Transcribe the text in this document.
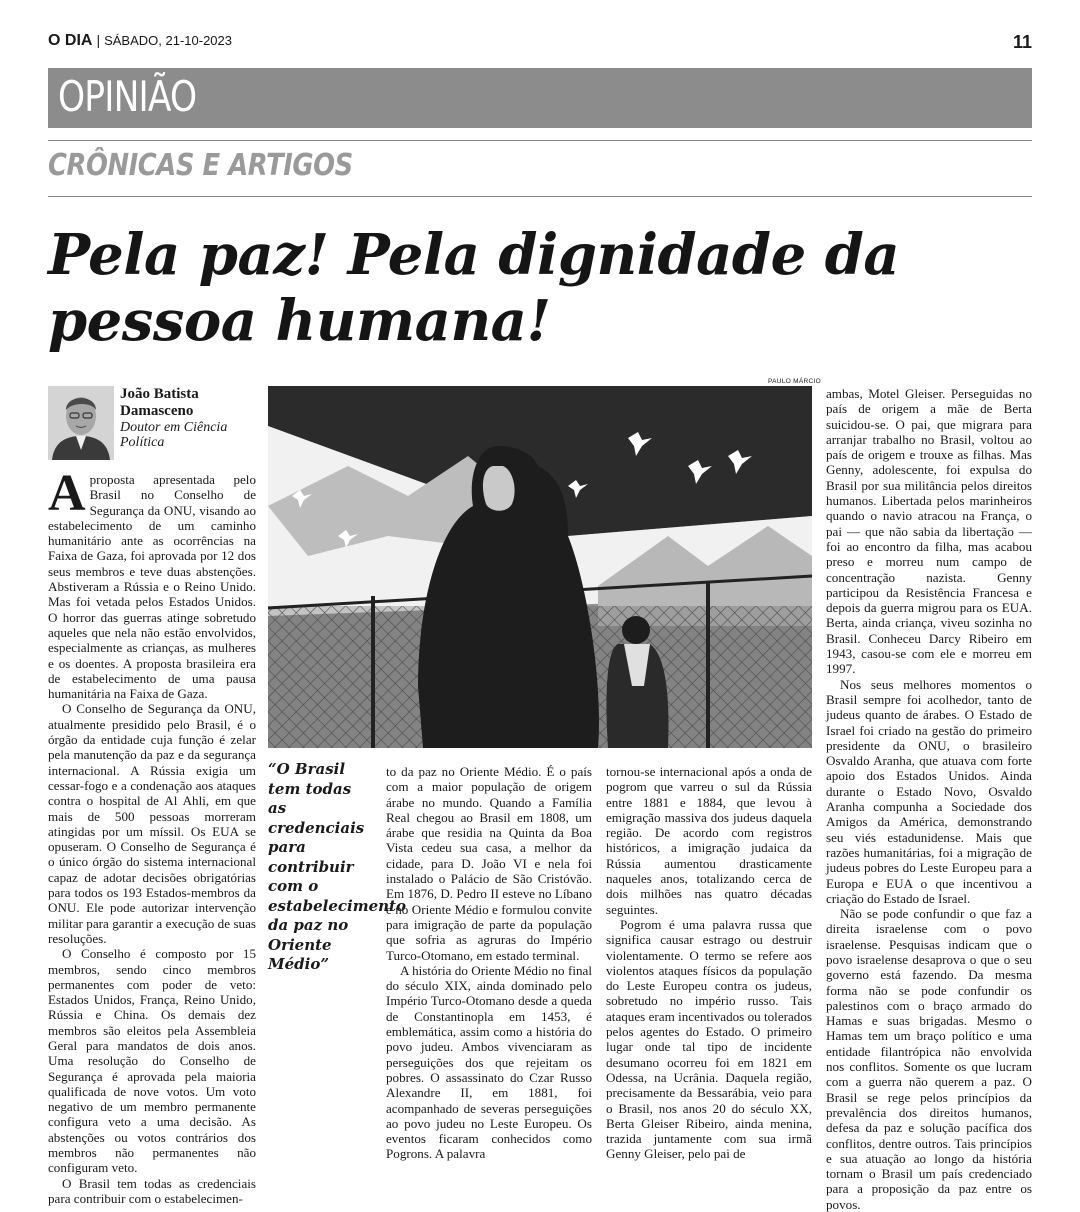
O DIA | SÁBADO, 21-10-2023	11
OPINIÃO
CRÔNICAS E ARTIGOS
Pela paz! Pela dignidade da pessoa humana!
João Batista Damasceno
Doutor em Ciência Política

Aproposta apresentada pelo Brasil no Conselho de Segurança da ONU, visando ao estabelecimento de um caminho humanitário ante as ocorrências na Faixa de Gaza, foi aprovada por 12 dos seus membros e teve duas abstenções. Abstiveram a Rússia e o Reino Unido. Mas foi vetada pelos Estados Unidos. O horror das guerras atinge sobretudo aqueles que nela não estão envolvidos, especialmente as crianças, as mulheres e os doentes. A proposta brasileira era de estabelecimento de uma pausa humanitária na Faixa de Gaza.

O Conselho de Segurança da ONU, atualmente presidido pelo Brasil, é o órgão da entidade cuja função é zelar pela manutenção da paz e da segurança internacional. A Rússia exigia um cessar-fogo e a condenação aos ataques contra o hospital de Al Ahli, em que mais de 500 pessoas morreram atingidas por um míssil. Os EUA se opuseram. O Conselho de Segurança é o único órgão do sistema internacional capaz de adotar decisões obrigatórias para todos os 193 Estados-membros da ONU. Ele pode autorizar intervenção militar para garantir a execução de suas resoluções.

O Conselho é composto por 15 membros, sendo cinco membros permanentes com poder de veto: Estados Unidos, França, Reino Unido, Rússia e China. Os demais dez membros são eleitos pela Assembleia Geral para mandatos de dois anos. Uma resolução do Conselho de Segurança é aprovada pela maioria qualificada de nove votos. Um voto negativo de um membro permanente configura veto a uma decisão. As abstenções ou votos contrários dos membros não permanentes não configuram veto.

O Brasil tem todas as credenciais para contribuir com o estabelecimen-

PAULO MÁRCIO
“O Brasil tem todas as credenciais para contribuir com o estabelecimento da paz no Oriente Médio”

to da paz no Oriente Médio. É o país com a maior população de origem árabe no mundo. Quando a Família Real chegou ao Brasil em 1808, um árabe que residia na Quinta da Boa Vista cedeu sua casa, a melhor da cidade, para D. João VI e nela foi instalado o Palácio de São Cristóvão. Em 1876, D. Pedro II esteve no Líbano e no Oriente Médio e formulou convite para imigração de parte da população que sofria as agruras do Império Turco-Otomano, em estado terminal.

A história do Oriente Médio no final do século XIX, ainda dominado pelo Império Turco-Otomano desde a queda de Constantinopla em 1453, é emblemática, assim como a história do povo judeu. Ambos vivenciaram as perseguições dos que rejeitam os pobres. O assassinato do Czar Russo Alexandre II, em 1881, foi acompanhado de severas perseguições ao povo judeu no Leste Europeu. Os eventos ficaram conhecidos como Pogrons. A palavra

tornou-se internacional após a onda de pogrom que varreu o sul da Rússia entre 1881 e 1884, que levou à emigração massiva dos judeus daquela região. De acordo com registros históricos, a imigração judaica da Rússia aumentou drasticamente naqueles anos, totalizando cerca de dois milhões nas quatro décadas seguintes.

Pogrom é uma palavra russa que significa causar estrago ou destruir violentamente. O termo se refere aos violentos ataques físicos da população do Leste Europeu contra os judeus, sobretudo no império russo. Tais ataques eram incentivados ou tolerados pelos agentes do Estado. O primeiro lugar onde tal tipo de incidente desumano ocorreu foi em 1821 em Odessa, na Ucrânia. Daquela região, precisamente da Bessarábia, veio para o Brasil, nos anos 20 do século XX, Berta Gleiser Ribeiro, ainda menina, trazida juntamente com sua irmã Genny Gleiser, pelo pai de

ambas, Motel Gleiser. Perseguidas no país de origem a mãe de Berta suicidou-se. O pai, que migrara para arranjar trabalho no Brasil, voltou ao país de origem e trouxe as filhas. Mas Genny, adolescente, foi expulsa do Brasil por sua militância pelos direitos humanos. Libertada pelos marinheiros quando o navio atracou na França, o pai — que não sabia da libertação — foi ao encontro da filha, mas acabou preso e morreu num campo de concentração nazista. Genny participou da Resistência Francesa e depois da guerra migrou para os EUA. Berta, ainda criança, viveu sozinha no Brasil. Conheceu Darcy Ribeiro em 1943, casou-se com ele e morreu em 1997.

Nos seus melhores momentos o Brasil sempre foi acolhedor, tanto de judeus quanto de árabes. O Estado de Israel foi criado na gestão do primeiro presidente da ONU, o brasileiro Osvaldo Aranha, que atuava com forte apoio dos Estados Unidos. Ainda durante o Estado Novo, Osvaldo Aranha compunha a Sociedade dos Amigos da América, demonstrando seu viés estadunidense. Mais que razões humanitárias, foi a migração de judeus pobres do Leste Europeu para a Europa e EUA o que incentivou a criação do Estado de Israel.

Não se pode confundir o que faz a direita israelense com o povo israelense. Pesquisas indicam que o povo israelense desaprova o que o seu governo está fazendo. Da mesma forma não se pode confundir os palestinos com o braço armado do Hamas e suas brigadas. Mesmo o Hamas tem um braço político e uma entidade filantrópica não envolvida nos conflitos. Somente os que lucram com a guerra não querem a paz. O Brasil se rege pelos princípios da prevalência dos direitos humanos, defesa da paz e solução pacífica dos conflitos, dentre outros. Tais princípios e sua atuação ao longo da história tornam o Brasil um país credenciado para a proposição da paz entre os povos.
